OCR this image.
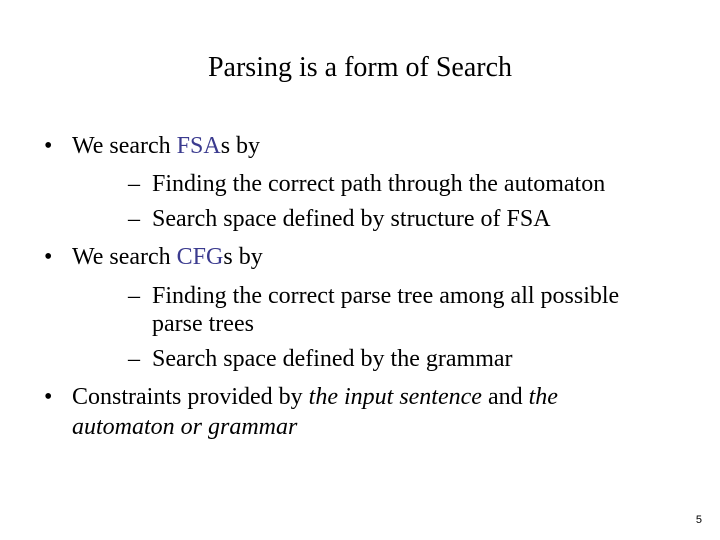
Parsing is a form of Search
• We search FSAs by
– Finding the correct path through the automaton
– Search space defined by structure of FSA
• We search CFGs by
– Finding the correct parse tree among all possible
parse trees
– Search space defined by the grammar
• Constraints provided by the input sentence and the
automaton or grammar
5
